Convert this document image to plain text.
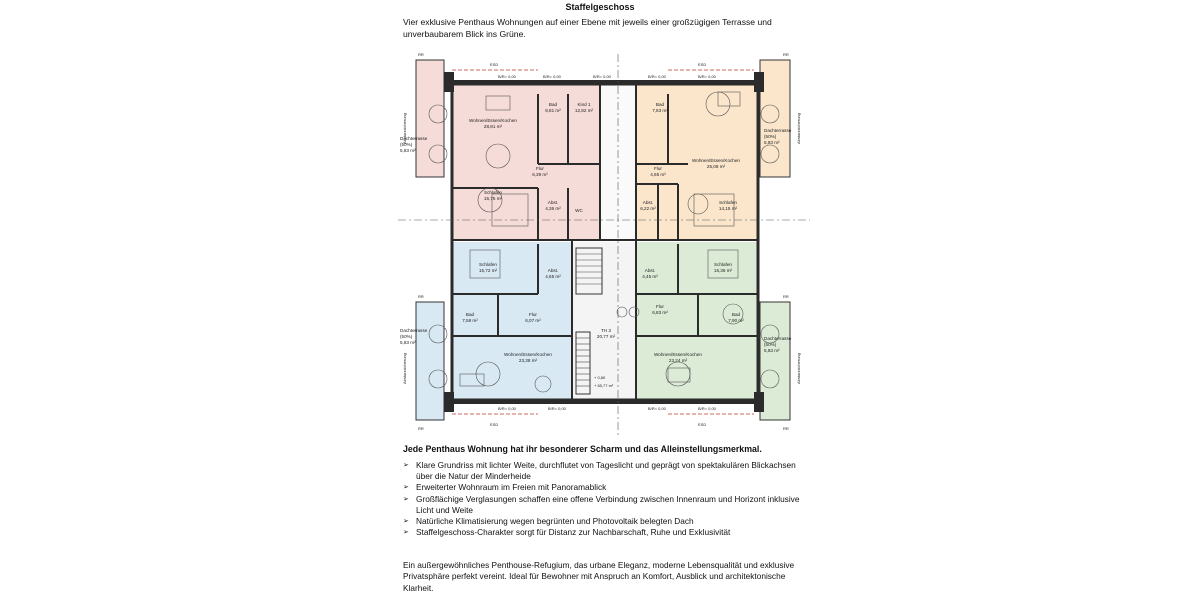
Staffelgeschoss
Vier exklusive Penthaus Wohnungen auf einer Ebene mit jeweils einer großzügigen Terrasse und unverbaubarem Blick ins Grüne.
Wohnen/Essen/Kochen 28,81 m²
Bad 8,81 m²
Kind 1 12,82 m²
Flur 6,39 m²
Schlafen 15,75 m²
Abst. 4,36 m²	WC
Dachterrasse (50%) 5,83 m²
Bad 7,83 m²
Wohnen/Essen/Kochen 25,08 m²
Flur 4,65 m²
Abst. 6,22 m²
Schlafen 14,15 m²
Dachterrasse (50%) 5,83 m²
Schlafen 15,72 m²	Abst. 4,65 m²
Bad 7,58 m²
Flur 6,07 m²
Wohnen/Essen/Kochen 23,38 m²
Dachterrasse (50%) 5,83 m²
Abst. 4,45 m²
Schlafen 15,36 m²
Flur 6,83 m²	Bad 7,90 m²
Wohnen/Essen/Kochen 23,24 m²
Dachterrasse (50%) 5,83 m²
TH 3 20,77 m²
ESD	ESD
ESD	ESD
B/R= 0,00	B/R= 0,00	B/R= 0,00	B/R= 0,00	B/R= 0,00
B/R= 0,00	B/R= 0,00	B/R= 0,00	B/R= 0,00
RR	RR
RR	RR
RR	RR
+ 0,80
+ 65,77 m²
Absturzsicherung
Absturzsicherung
Absturzsicherung
Absturzsicherung
Jede Penthaus Wohnung hat ihr besonderer Scharm und das Alleinstellungsmerkmal.
➢ Klare Grundriss mit lichter Weite, durchflutet von Tageslicht und geprägt von spektakulären Blickachsen über die Natur der Minderheide
➢ Erweiterter Wohnraum im Freien mit Panoramablick
➢ Großflächige Verglasungen schaffen eine offene Verbindung zwischen Innenraum und Horizont inklusive Licht und Weite
➢ Natürliche Klimatisierung wegen begrünten und Photovoltaik belegten Dach
➢ Staffelgeschoss-Charakter sorgt für Distanz zur Nachbarschaft, Ruhe und Exklusivität
Ein außergewöhnliches Penthouse-Refugium, das urbane Eleganz, moderne Lebensqualität und exklusive Privatsphäre perfekt vereint. Ideal für Bewohner mit Anspruch an Komfort, Ausblick und architektonische Klarheit.
